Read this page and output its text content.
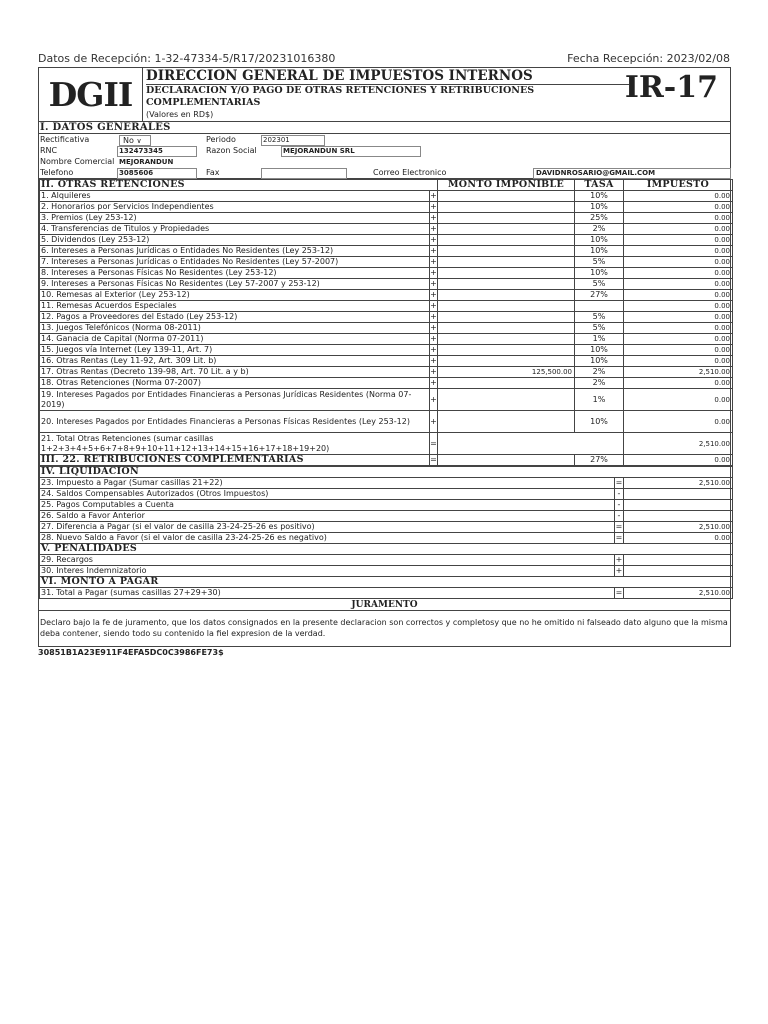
Datos de Recepción: 1-32-47334-5/R17/20231016380	Fecha Recepción: 2023/02/08
DGII	DIRECCION GENERAL DE IMPUESTOS INTERNOS
DECLARACION Y/O PAGO DE OTRAS RETENCIONES Y RETRIBUCIONES COMPLEMENTARIAS
(Valores en RD$)
IR-17
I. DATOS GENERALES
Rectificativa	No ∨	Periodo	202301
RNC	132473345	Razon Social	MEJORANDUN SRL
Nombre Comercial MEJORANDUN
Telefono	3085606	Fax	Correo Electronico	DAVIDNROSARIO@GMAIL.COM
II. OTRAS RETENCIONES		MONTO IMPONIBLE	TASA	IMPUESTO
1. Alquileres	+		10%	0.00
2. Honorarios por Servicios Independientes	+		10%	0.00
3. Premios (Ley 253-12)	+		25%	0.00
4. Transferencias de Titulos y Propiedades	+		2%	0.00
5. Dividendos (Ley 253-12)	+		10%	0.00
6. Intereses a Personas Jurídicas o Entidades No Residentes (Ley 253-12)	+		10%	0.00
7. Intereses a Personas Jurídicas o Entidades No Residentes (Ley 57-2007)	+		5%	0.00
8. Intereses a Personas Físicas No Residentes (Ley 253-12)	+		10%	0.00
9. Intereses a Personas Físicas No Residentes (Ley 57-2007 y 253-12)	+		5%	0.00
10. Remesas al Exterior (Ley 253-12)	+		27%	0.00
11. Remesas Acuerdos Especiales	+			0.00
12. Pagos a Proveedores del Estado (Ley 253-12)	+		5%	0.00
13. Juegos Telefónicos (Norma 08-2011)	+		5%	0.00
14. Ganacia de Capital (Norma 07-2011)	+		1%	0.00
15. Juegos vía Internet (Ley 139-11, Art. 7)	+		10%	0.00
16. Otras Rentas (Ley 11-92, Art. 309 Lit. b)	+		10%	0.00
17. Otras Rentas (Decreto 139-98, Art. 70 Lit. a y b)	+	125,500.00	2%	2,510.00
18. Otras Retenciones (Norma 07-2007)	+		2%	0.00
19. Intereses Pagados por Entidades Financieras a Personas Jurídicas Residentes (Norma 07-2019)	+		1%	0.00
20. Intereses Pagados por Entidades Financieras a Personas Físicas Residentes (Ley 253-12)	+		10%	0.00
21. Total Otras Retenciones (sumar casillas 1+2+3+4+5+6+7+8+9+10+11+12+13+14+15+16+17+18+19+20)	=			2,510.00
III. 22. RETRIBUCIONES COMPLEMENTARIAS	=		27%	0.00
IV. LIQUIDACION		
23. Impuesto a Pagar (Sumar casillas 21+22)	=	2,510.00
24. Saldos Compensables Autorizados (Otros Impuestos)	-	
25. Pagos Computables a Cuenta	-	
26. Saldo a Favor Anterior	-	
27. Diferencia a Pagar (si el valor de casilla 23-24-25-26 es positivo)	=	2,510.00
28. Nuevo Saldo a Favor (si el valor de casilla 23-24-25-26 es negativo)	=	0.00
V. PENALIDADES		
29. Recargos	+	
30. Interes Indemnizatorio	+	
VI. MONTO A PAGAR		
31. Total a Pagar (sumas casillas 27+29+30)	=	2,510.00
JURAMENTO
Declaro bajo la fe de juramento, que los datos consignados en la presente declaracion son correctos y completosy que no he omitido ni falseado dato alguno que la misma deba contener, siendo todo su contenido la fiel expresion de la verdad.
30851B1A23E911F4EFA5DC0C3986FE73$
